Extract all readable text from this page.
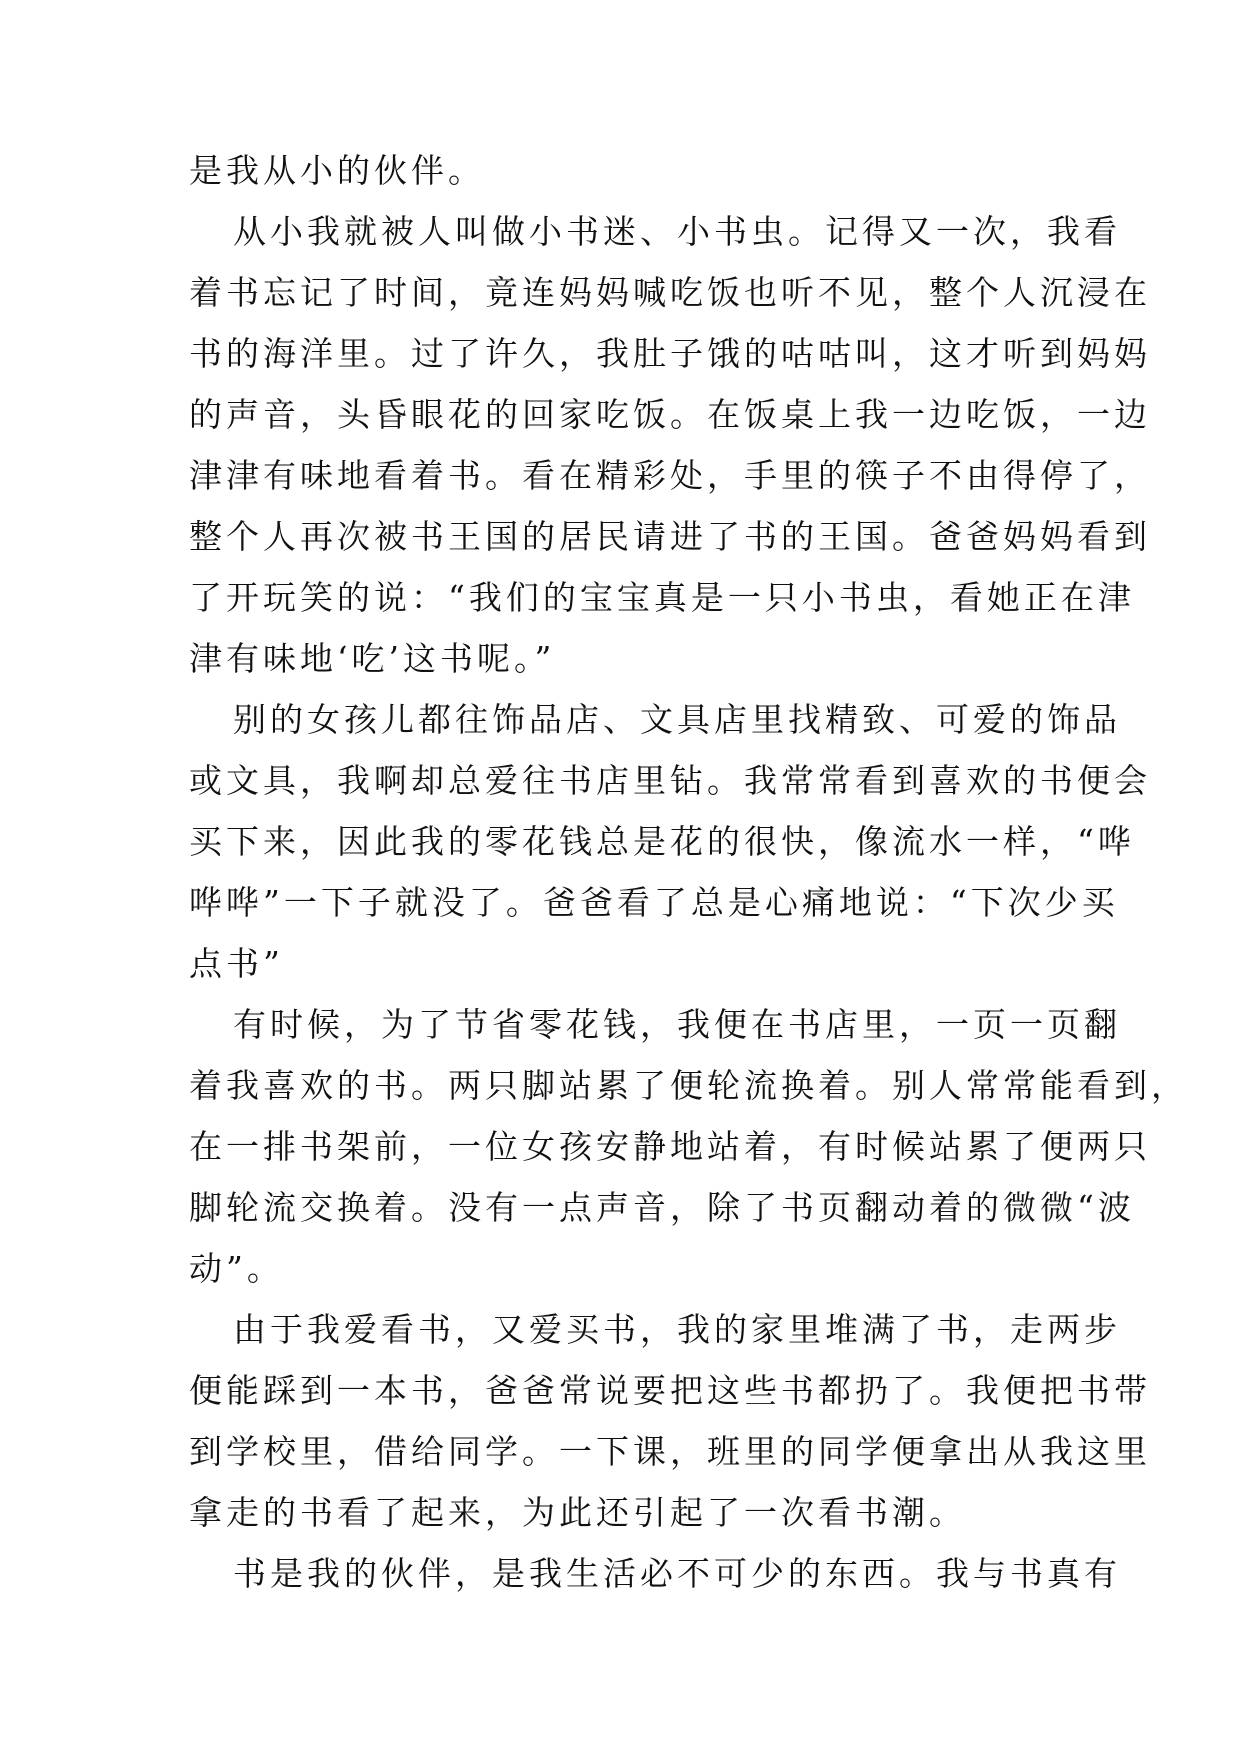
是我从小的伙伴。
从小我就被人叫做小书迷、小书虫。记得又一次，我看
着书忘记了时间，竟连妈妈喊吃饭也听不见，整个人沉浸在
书的海洋里。过了许久，我肚子饿的咕咕叫，这才听到妈妈
的声音，头昏眼花的回家吃饭。在饭桌上我一边吃饭，一边
津津有味地看着书。看在精彩处，手里的筷子不由得停了，
整个人再次被书王国的居民请进了书的王国。爸爸妈妈看到
了开玩笑的说：“我们的宝宝真是一只小书虫，看她正在津
津有味地‘吃’这书呢。”
别的女孩儿都往饰品店、文具店里找精致、可爱的饰品
或文具，我啊却总爱往书店里钻。我常常看到喜欢的书便会
买下来，因此我的零花钱总是花的很快，像流水一样，“哗
哗哗”一下子就没了。爸爸看了总是心痛地说：“下次少买
点书”
有时候，为了节省零花钱，我便在书店里，一页一页翻
着我喜欢的书。两只脚站累了便轮流换着。别人常常能看到，
在一排书架前，一位女孩安静地站着，有时候站累了便两只
脚轮流交换着。没有一点声音，除了书页翻动着的微微“波
动”。
由于我爱看书，又爱买书，我的家里堆满了书，走两步
便能踩到一本书，爸爸常说要把这些书都扔了。我便把书带
到学校里，借给同学。一下课，班里的同学便拿出从我这里
拿走的书看了起来，为此还引起了一次看书潮。
书是我的伙伴，是我生活必不可少的东西。我与书真有
